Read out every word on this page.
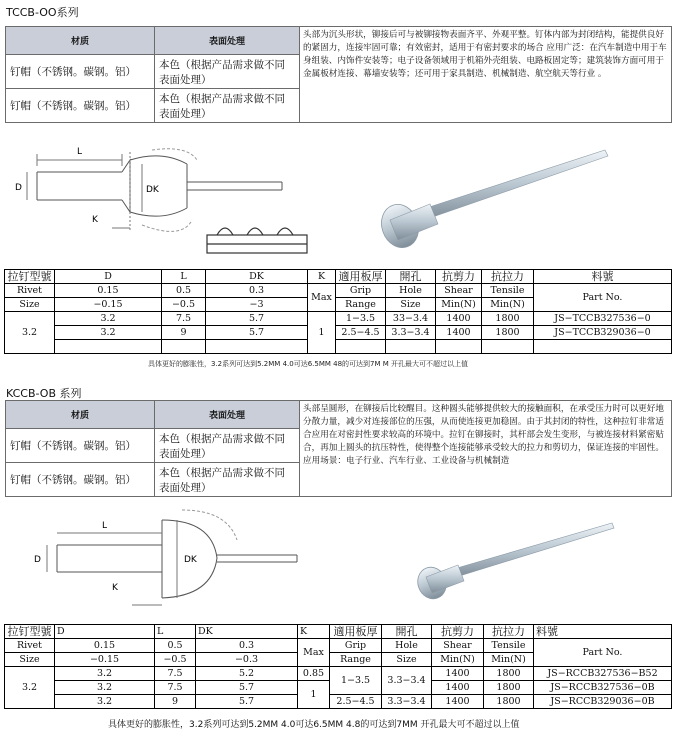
TCCB-OO系列
材质	表面处理	头部为沉头形状，铆接后可与被铆接物表面齐平、外观平整。钉体内部为封闭结构，能提供良好的紧固力，连接牢固可靠；有效密封，适用于有密封要求的场合 应用广泛：在汽车制造中用于车身组装、内饰件安装等；电子设备领域用于机箱外壳组装、电路板固定等；建筑装饰方面可用于金属板材连接、幕墙安装等；还可用于家具制造、机械制造、航空航天等行业 。
钉帽（不锈钢。碳钢。铝）	本色（根据产品需求做不同表面处理）	
钉帽（不锈钢。碳钢。铝）	本色（根据产品需求做不同表面处理）	
L
D	DK
K
拉钉型號	D	L	DK	K	適用板厚	開孔	抗剪力	抗拉力	料號
Rivet	0.15	0.5	0.3	Max	Grip	Hole	Shear	Tensile	Part No.
Size	−0.15	−0.5	−3		Range	Size	Min(N)	Min(N)	
3.2	3.2	7.5	5.7	1	1−3.5	33−3.4	1400	1800	JS−TCCB327536−0
	3.2	9	5.7		2.5−4.5	3.3−3.4	1400	1800	JS−TCCB329036−0

具体更好的膨胀性，3.2系列可达到5.2MM 4.0可达6.5MM 48的可达到7M M 开孔最大可不超过以上值
KCCB-OB 系列
材质	表面处理	头部呈圆形，在铆接后比较醒目。这种圆头能够提供较大的接触面积，在承受压力时可以更好地分散力量，减少对连接部位的压强，从而使连接更加稳固。由于其封闭的特性，这种拉钉非常适合应用在对密封性要求较高的环境中。拉钉在铆接时，其杆部会发生变形，与被连接材料紧密贴合，再加上圆头的抗压特性，使得整个连接能够承受较大的拉力和剪切力，保证连接的牢固性。应用场景：电子行业、汽车行业、工业设备与机械制造
钉帽（不锈钢。碳钢。铝）	本色（根据产品需求做不同表面处理）	
钉帽（不锈钢。碳钢。铝）	本色（根据产品需求做不同表面处理）	
L
D	DK
K
拉钉型號	D	L	DK	K	適用板厚	開孔	抗剪力	抗拉力	料號
Rivet	0.15	0.5	0.3	Max	Grip	Hole	Shear	Tensile	Part No.
Size	−0.15	−0.5	−0.3		Range	Size	Min(N)	Min(N)	
3.2	3.2	7.5	5.2	0.85	1−3.5	3.3−3.4	1400	1800	JS−RCCB327536−B52
	3.2	7.5	5.7	1			1400	1800	JS−RCCB327536−0B
	3.2	9	5.7		2.5−4.5	3.3−3.4	1400	1800	JS−RCCB329036−0B
具体更好的膨胀性，3.2系列可达到5.2MM 4.0可达6.5MM 4.8的可达到7MM 开孔最大可不超过以上值
